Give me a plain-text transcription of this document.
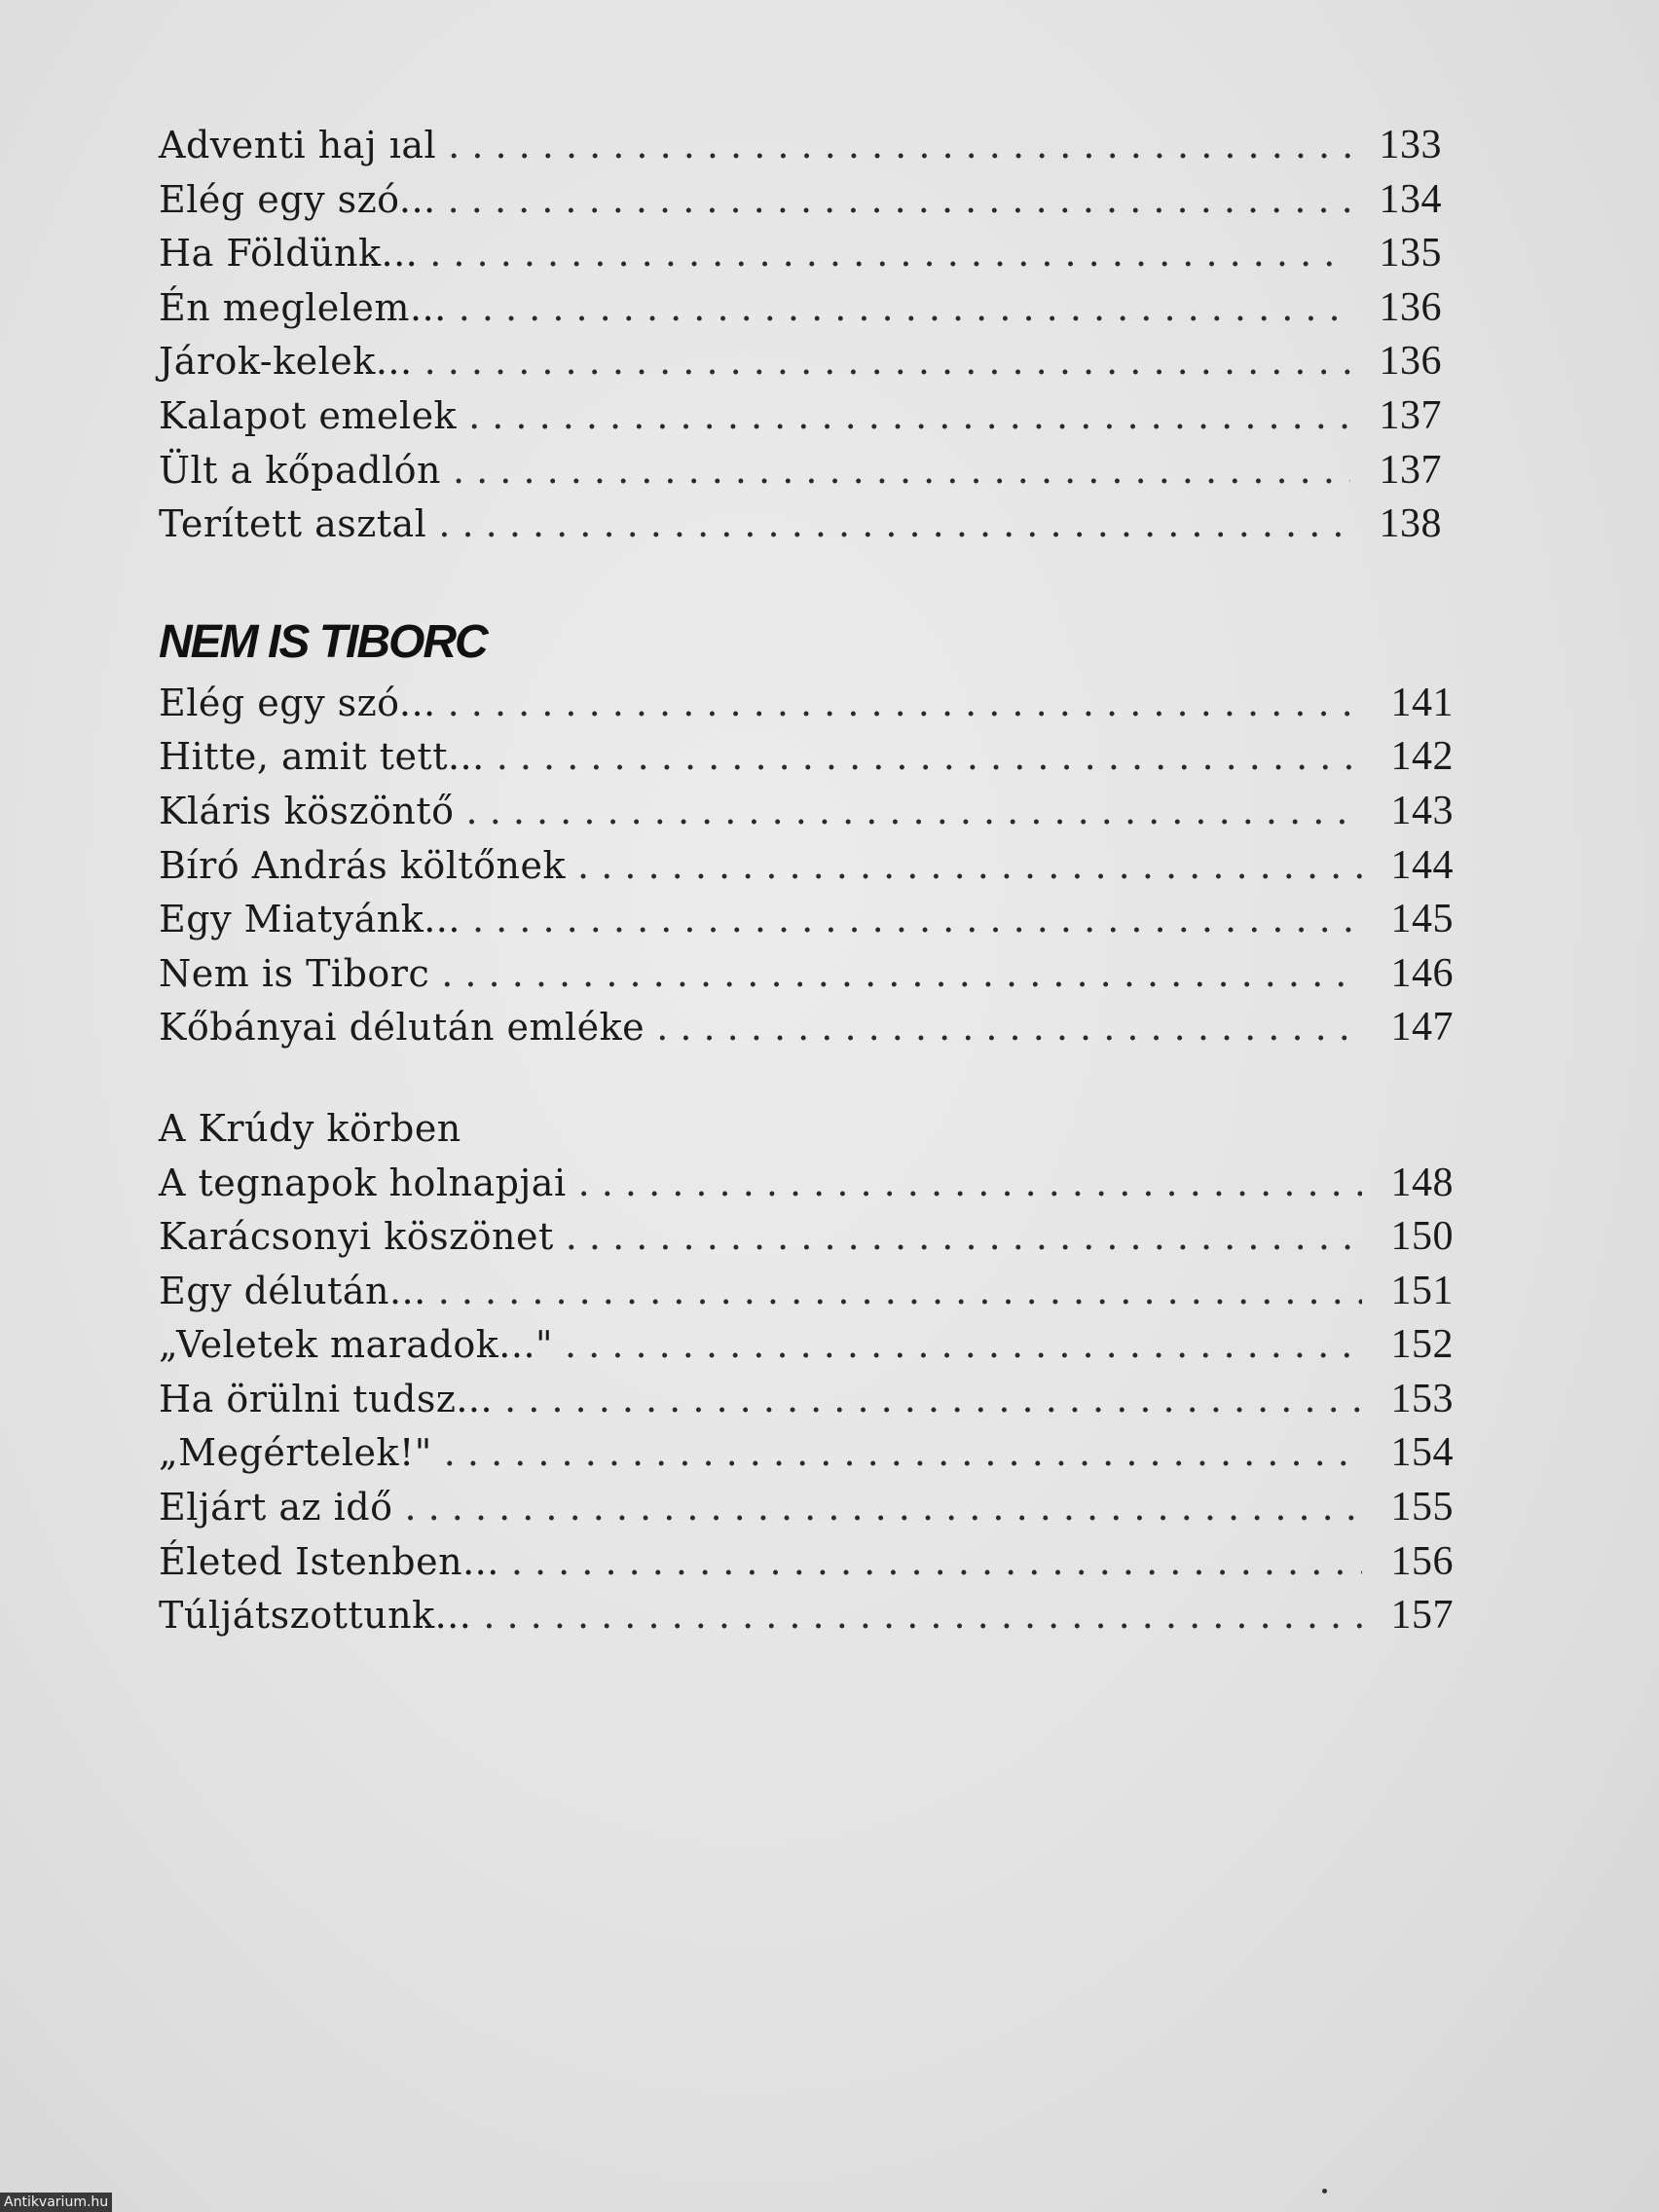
Adventi haj ıal . . .	133
Elég egy szó... . . .	134
Ha Földünk... . . .	135
Én meglelem... . . .	136
Járok-kelek... . . .	136
Kalapot emelek . . .	137
Ült a kőpadlón . . .	137
Terített asztal . . .	138
NEM IS TIBORC
Elég egy szó... . . .	141
Hitte, amit tett... . . .	142
Kláris köszöntő . . .	143
Bíró András költőnek . . .	144
Egy Miatyánk... . . .	145
Nem is Tiborc . . .	146
Kőbányai délután emléke . . .	147
A Krúdy körben
A tegnapok holnapjai . . .	148
Karácsonyi köszönet . . .	150
Egy délután... . . .	151
„Veletek maradok..." . . .	152
Ha örülni tudsz... . . .	153
„Megértelek!" . . .	154
Eljárt az idő . . .	155
Életed Istenben... . . .	156
Túljátszottunk... . . .	157
Antikvarium.hu
